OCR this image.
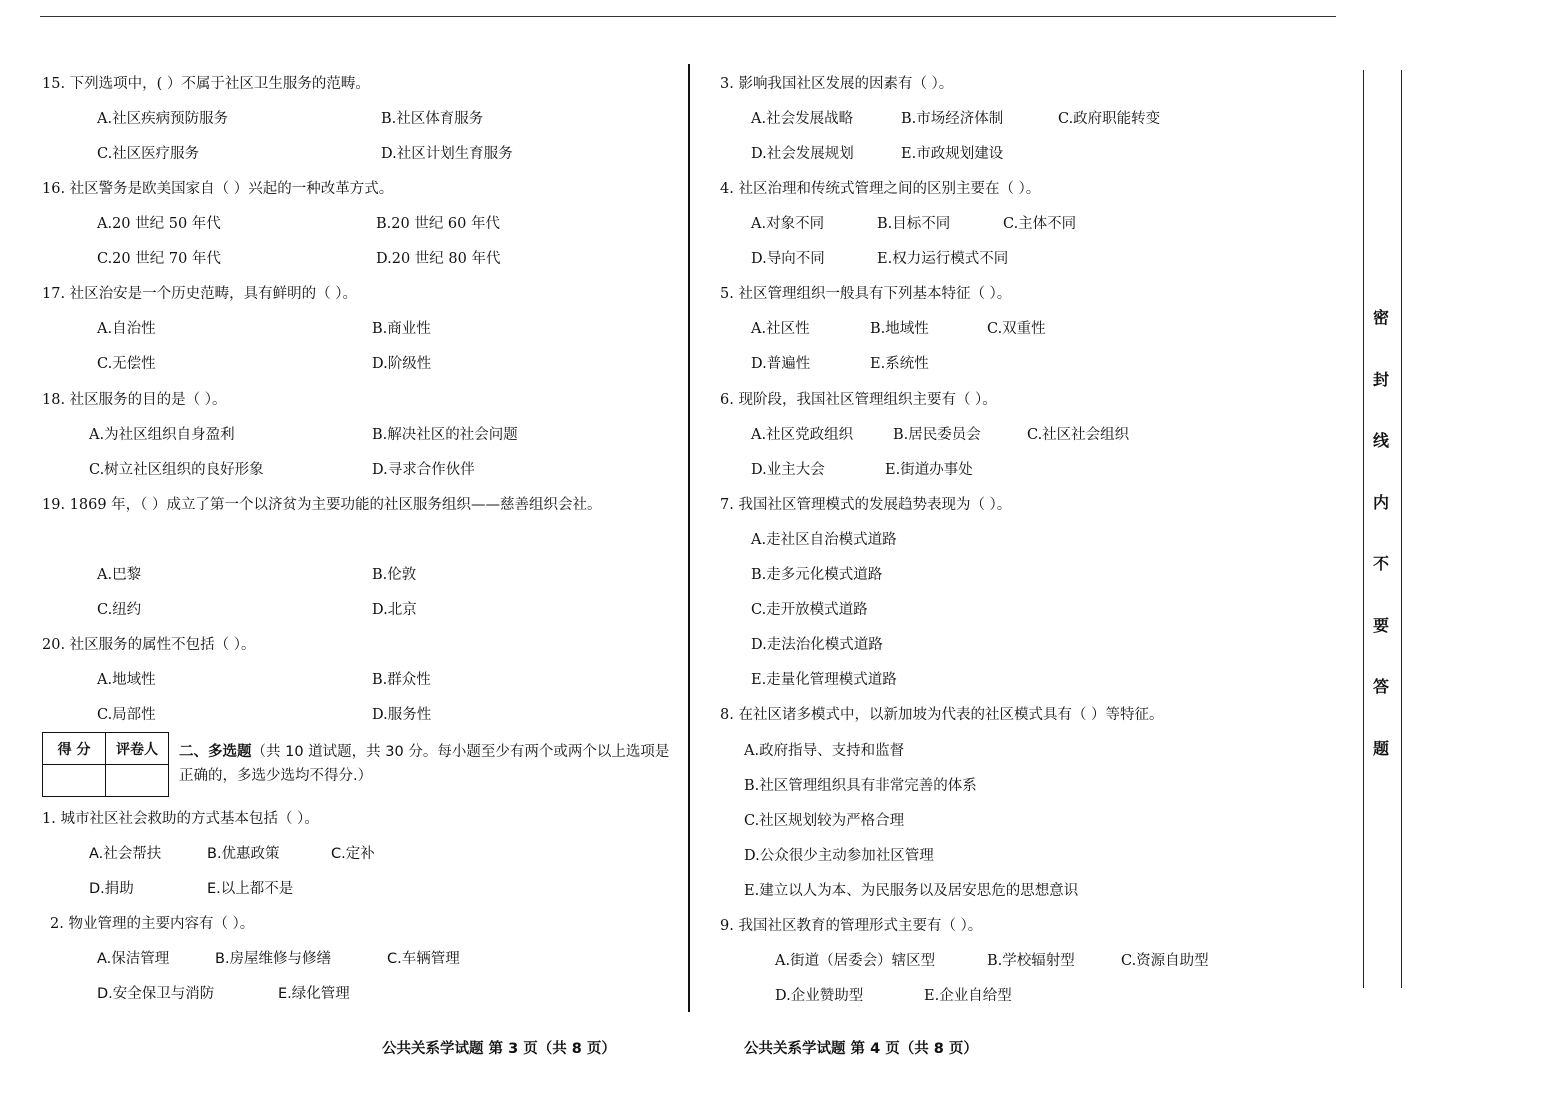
密
封
线
内
不
要
答
题
15. 下列选项中，( ）不属于社区卫生服务的范畴。
A.社区疾病预防服务	B.社区体育服务
C.社区医疗服务	D.社区计划生育服务
16. 社区警务是欧美国家自（ ）兴起的一种改革方式。
A.20 世纪 50 年代	B.20 世纪 60 年代
C.20 世纪 70 年代	D.20 世纪 80 年代
17. 社区治安是一个历史范畴，具有鲜明的（ ）。
A.自治性	B.商业性
C.无偿性	D.阶级性
18. 社区服务的目的是（ ）。
A.为社区组织自身盈利	B.解决社区的社会问题
C.树立社区组织的良好形象	D.寻求合作伙伴
19. 1869 年，（ ）成立了第一个以济贫为主要功能的社区服务组织——慈善组织会社。
A.巴黎	B.伦敦
C.纽约	D.北京
20. 社区服务的属性不包括（ ）。
A.地域性	B.群众性
C.局部性	D.服务性
得 分	评卷人
	二、多选题（共 10 道试题，共 30 分。每小题至少有两个或两个以上选项是正确的，多选少选均不得分.）
1. 城市社区社会救助的方式基本包括（ ）。
A.社会帮扶	B.优惠政策	C.定补
D.捐助	E.以上都不是
2. 物业管理的主要内容有（ ）。
A.保洁管理	B.房屋维修与修缮	C.车辆管理
D.安全保卫与消防	E.绿化管理
3. 影响我国社区发展的因素有（ ）。
A.社会发展战略	B.市场经济体制	C.政府职能转变
D.社会发展规划	E.市政规划建设
4. 社区治理和传统式管理之间的区别主要在（ ）。
A.对象不同	B.目标不同	C.主体不同
D.导向不同	E.权力运行模式不同
5. 社区管理组织一般具有下列基本特征（ ）。
A.社区性	B.地域性	C.双重性
D.普遍性	E.系统性
6. 现阶段，我国社区管理组织主要有（ ）。
A.社区党政组织	B.居民委员会	C.社区社会组织
D.业主大会	E.街道办事处
7. 我国社区管理模式的发展趋势表现为（ ）。
A.走社区自治模式道路
B.走多元化模式道路
C.走开放模式道路
D.走法治化模式道路
E.走量化管理模式道路
8. 在社区诸多模式中，以新加坡为代表的社区模式具有（ ）等特征。
A.政府指导、支持和监督
B.社区管理组织具有非常完善的体系
C.社区规划较为严格合理
D.公众很少主动参加社区管理
E.建立以人为本、为民服务以及居安思危的思想意识
9. 我国社区教育的管理形式主要有（ ）。
A.街道（居委会）辖区型	B.学校辐射型	C.资源自助型
D.企业赞助型	E.企业自给型
公共关系学试题 第 3 页（共 8 页）	公共关系学试题 第 4 页（共 8 页）
